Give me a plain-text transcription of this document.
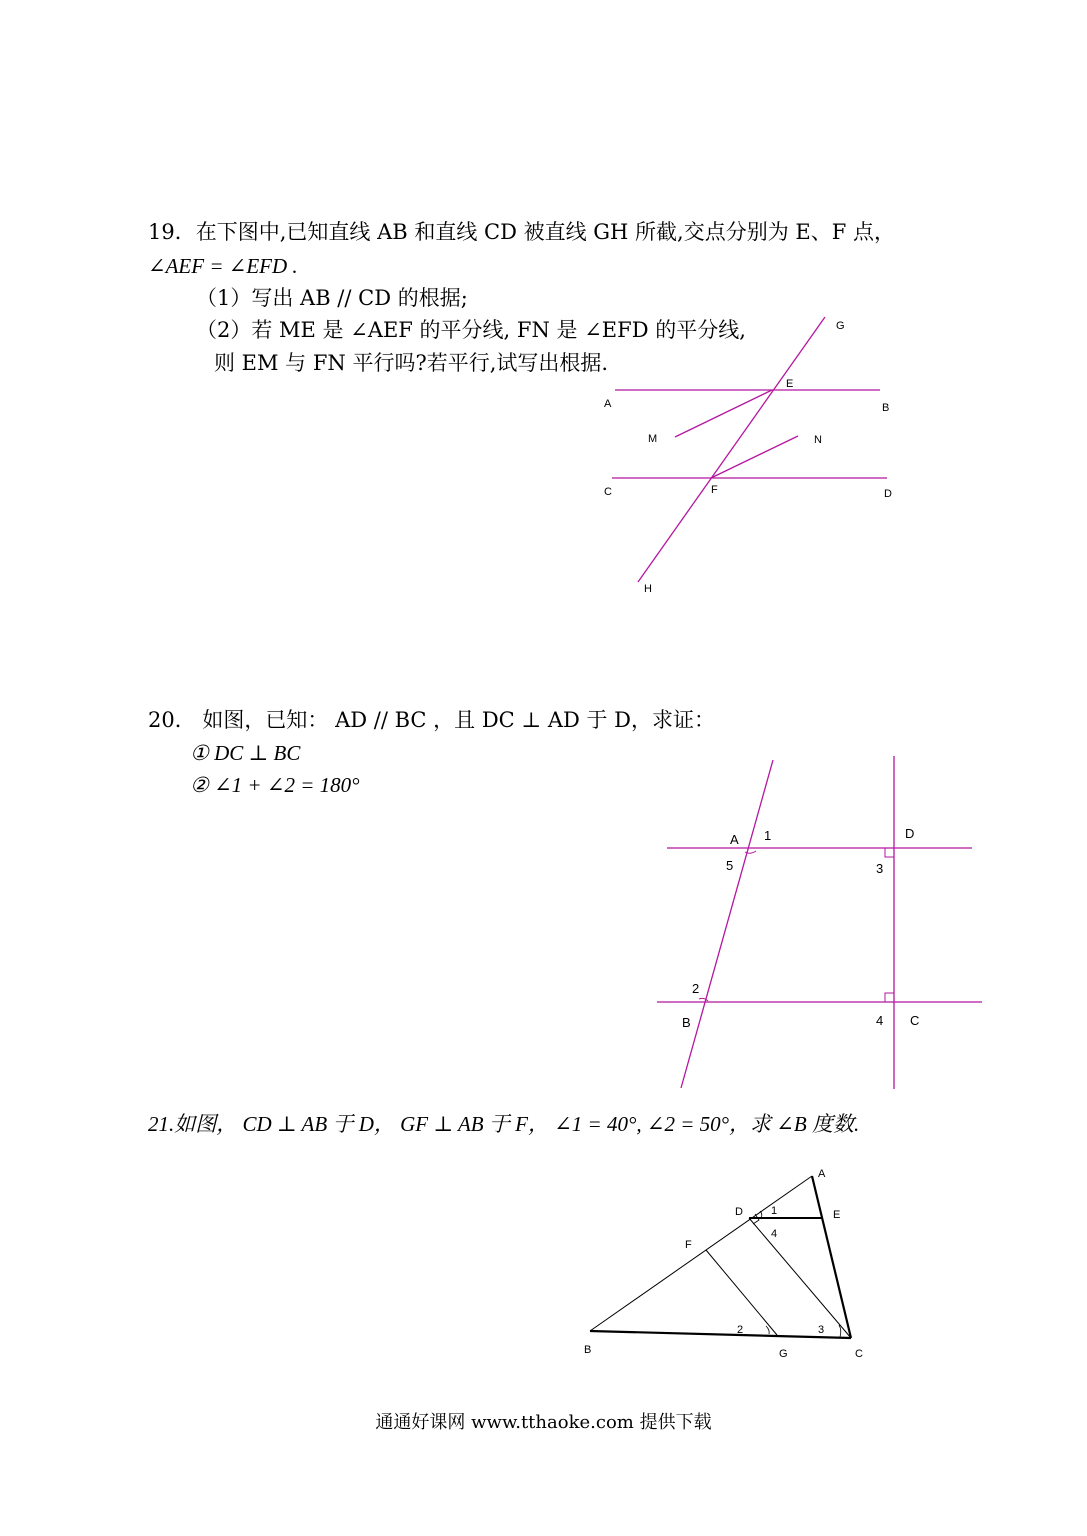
19．在下图中,已知直线 AB 和直线 CD 被直线 GH 所截,交点分别为 E、F 点，
∠AEF = ∠EFD .
（1）写出 AB // CD 的根据;
（2）若 ME 是 ∠AEF 的平分线, FN 是 ∠EFD 的平分线,
则 EM 与 FN 平行吗?若平行,试写出根据.
G
E
A	B
M	N
C	F	D
H
20． 如图，已知： AD // BC ，且 DC ⊥ AD 于 D，求证：
① DC ⊥ BC
② ∠1 + ∠2 = 180°
A 1	D
5	3
2
B	4 C
21.如图， CD ⊥ AB 于 D， GF ⊥ AB 于 F， ∠1 = 40°, ∠2 = 50°，求 ∠B 度数.
A
D	1	E
4
F
2	3
B	G	C
通通好课网 www.tthaoke.com 提供下载
